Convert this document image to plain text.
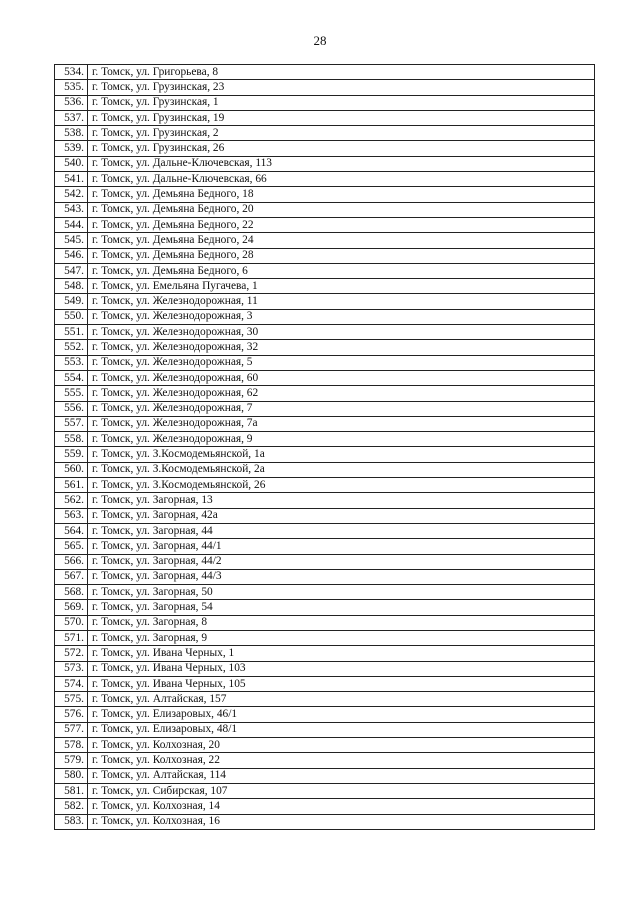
28
534.	г. Томск, ул. Григорьева, 8
535.	г. Томск, ул. Грузинская, 23
536.	г. Томск, ул. Грузинская, 1
537.	г. Томск, ул. Грузинская, 19
538.	г. Томск, ул. Грузинская, 2
539.	г. Томск, ул. Грузинская, 26
540.	г. Томск, ул. Дальне-Ключевская, 113
541.	г. Томск, ул. Дальне-Ключевская, 66
542.	г. Томск, ул. Демьяна Бедного, 18
543.	г. Томск, ул. Демьяна Бедного, 20
544.	г. Томск, ул. Демьяна Бедного, 22
545.	г. Томск, ул. Демьяна Бедного, 24
546.	г. Томск, ул. Демьяна Бедного, 28
547.	г. Томск, ул. Демьяна Бедного, 6
548.	г. Томск, ул. Емельяна Пугачева, 1
549.	г. Томск, ул. Железнодорожная, 11
550.	г. Томск, ул. Железнодорожная, 3
551.	г. Томск, ул. Железнодорожная, 30
552.	г. Томск, ул. Железнодорожная, 32
553.	г. Томск, ул. Железнодорожная, 5
554.	г. Томск, ул. Железнодорожная, 60
555.	г. Томск, ул. Железнодорожная, 62
556.	г. Томск, ул. Железнодорожная, 7
557.	г. Томск, ул. Железнодорожная, 7а
558.	г. Томск, ул. Железнодорожная, 9
559.	г. Томск, ул. З.Космодемьянской, 1а
560.	г. Томск, ул. З.Космодемьянской, 2а
561.	г. Томск, ул. З.Космодемьянской, 26
562.	г. Томск, ул. Загорная, 13
563.	г. Томск, ул. Загорная, 42а
564.	г. Томск, ул. Загорная, 44
565.	г. Томск, ул. Загорная, 44/1
566.	г. Томск, ул. Загорная, 44/2
567.	г. Томск, ул. Загорная, 44/3
568.	г. Томск, ул. Загорная, 50
569.	г. Томск, ул. Загорная, 54
570.	г. Томск, ул. Загорная, 8
571.	г. Томск, ул. Загорная, 9
572.	г. Томск, ул. Ивана Черных, 1
573.	г. Томск, ул. Ивана Черных, 103
574.	г. Томск, ул. Ивана Черных, 105
575.	г. Томск, ул. Алтайская, 157
576.	г. Томск, ул. Елизаровых, 46/1
577.	г. Томск, ул. Елизаровых, 48/1
578.	г. Томск, ул. Колхозная, 20
579.	г. Томск, ул. Колхозная, 22
580.	г. Томск, ул. Алтайская, 114
581.	г. Томск, ул. Сибирская, 107
582.	г. Томск, ул. Колхозная, 14
583.	г. Томск, ул. Колхозная, 16
